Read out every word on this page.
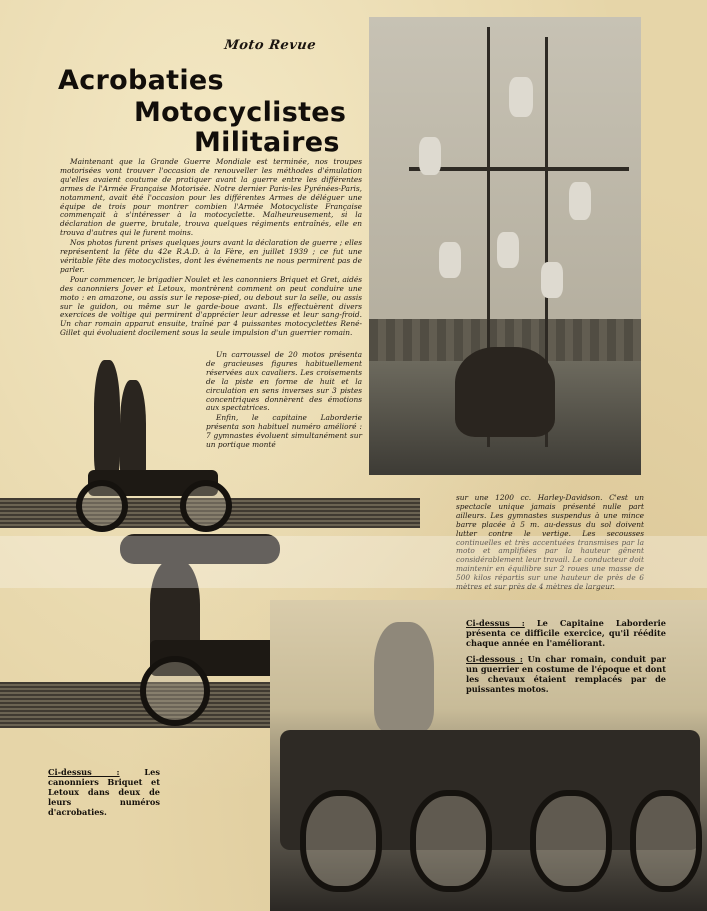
Moto Revue
Acrobaties
Motocyclistes
Militaires

Maintenant que la Grande Guerre Mondiale est terminée, nos troupes motorisées vont trouver l'occasion de renouveller les méthodes d'émulation qu'elles avaient coutume de pratiquer avant la guerre entre les différentes armes de l'Armée Française Motorisée. Notre dernier Paris-les Pyrénées-Paris, notamment, avait été l'occasion pour les différentes Armes de déléguer une équipe de trois pour montrer combien l'Armée Motocycliste Française commençait à s'intéresser à la motocyclette. Malheureusement, si la déclaration de guerre, brutale, trouva quelques régiments entraînés, elle en trouva d'autres qui le furent moins.

Nos photos furent prises quelques jours avant la déclaration de guerre ; elles représentent la fête du 42e R.A.D. à la Fère, en juillet 1939 ; ce fut une véritable fête des motocyclistes, dont les événements ne nous permirent pas de parler.

Pour commencer, le brigadier Noulet et les canonniers Briquet et Gret, aidés des canonniers Jover et Letoux, montrèrent comment on peut conduire une moto : en amazone, ou assis sur le repose-pied, ou debout sur la selle, ou assis sur le guidon, ou même sur le garde-boue avant. Ils effectuèrent divers exercices de voltige qui permirent d'apprécier leur adresse et leur sang-froid. Un char romain apparut ensuite, traîné par 4 puissantes motocyclettes René-Gillet qui évoluaient docilement sous la seule impulsion d'un guerrier romain.

Un carroussel de 20 motos présenta de gracieuses figures habituellement réservées aux cavaliers. Les croisements de la piste en forme de huit et la circulation en sens inverses sur 3 pistes concentriques donnèrent des émotions aux spectatrices.

Enfin, le capitaine Laborderie présenta son habituel numéro amélioré : 7 gymnastes évoluent simultanément sur un portique monté

sur une 1200 cc. Harley-Davidson. C'est un spectacle unique jamais présenté nulle part ailleurs. Les gymnastes suspendus à une mince barre placée à 5 m. au-dessus du sol doivent lutter contre le vertige. Les secousses continuelles et très accentuées transmises par la moto et amplifiées par la hauteur gênent considérablement leur travail. Le conducteur doit maintenir en équilibre sur 2 roues une masse de 500 kilos répartis sur une hauteur de près de 6 mètres et sur près de 4 mètres de largeur.

Ci-dessus : Le Capitaine Laborderie présenta ce difficile exercice, qu'il réédite chaque année en l'améliorant.

Ci-dessous : Un char romain, conduit par un guerrier en costume de l'époque et dont les chevaux étaient remplacés par de puissantes motos.

Ci-dessus : Les canonniers Briquet et Letoux dans deux de leurs numéros d'acrobaties.
